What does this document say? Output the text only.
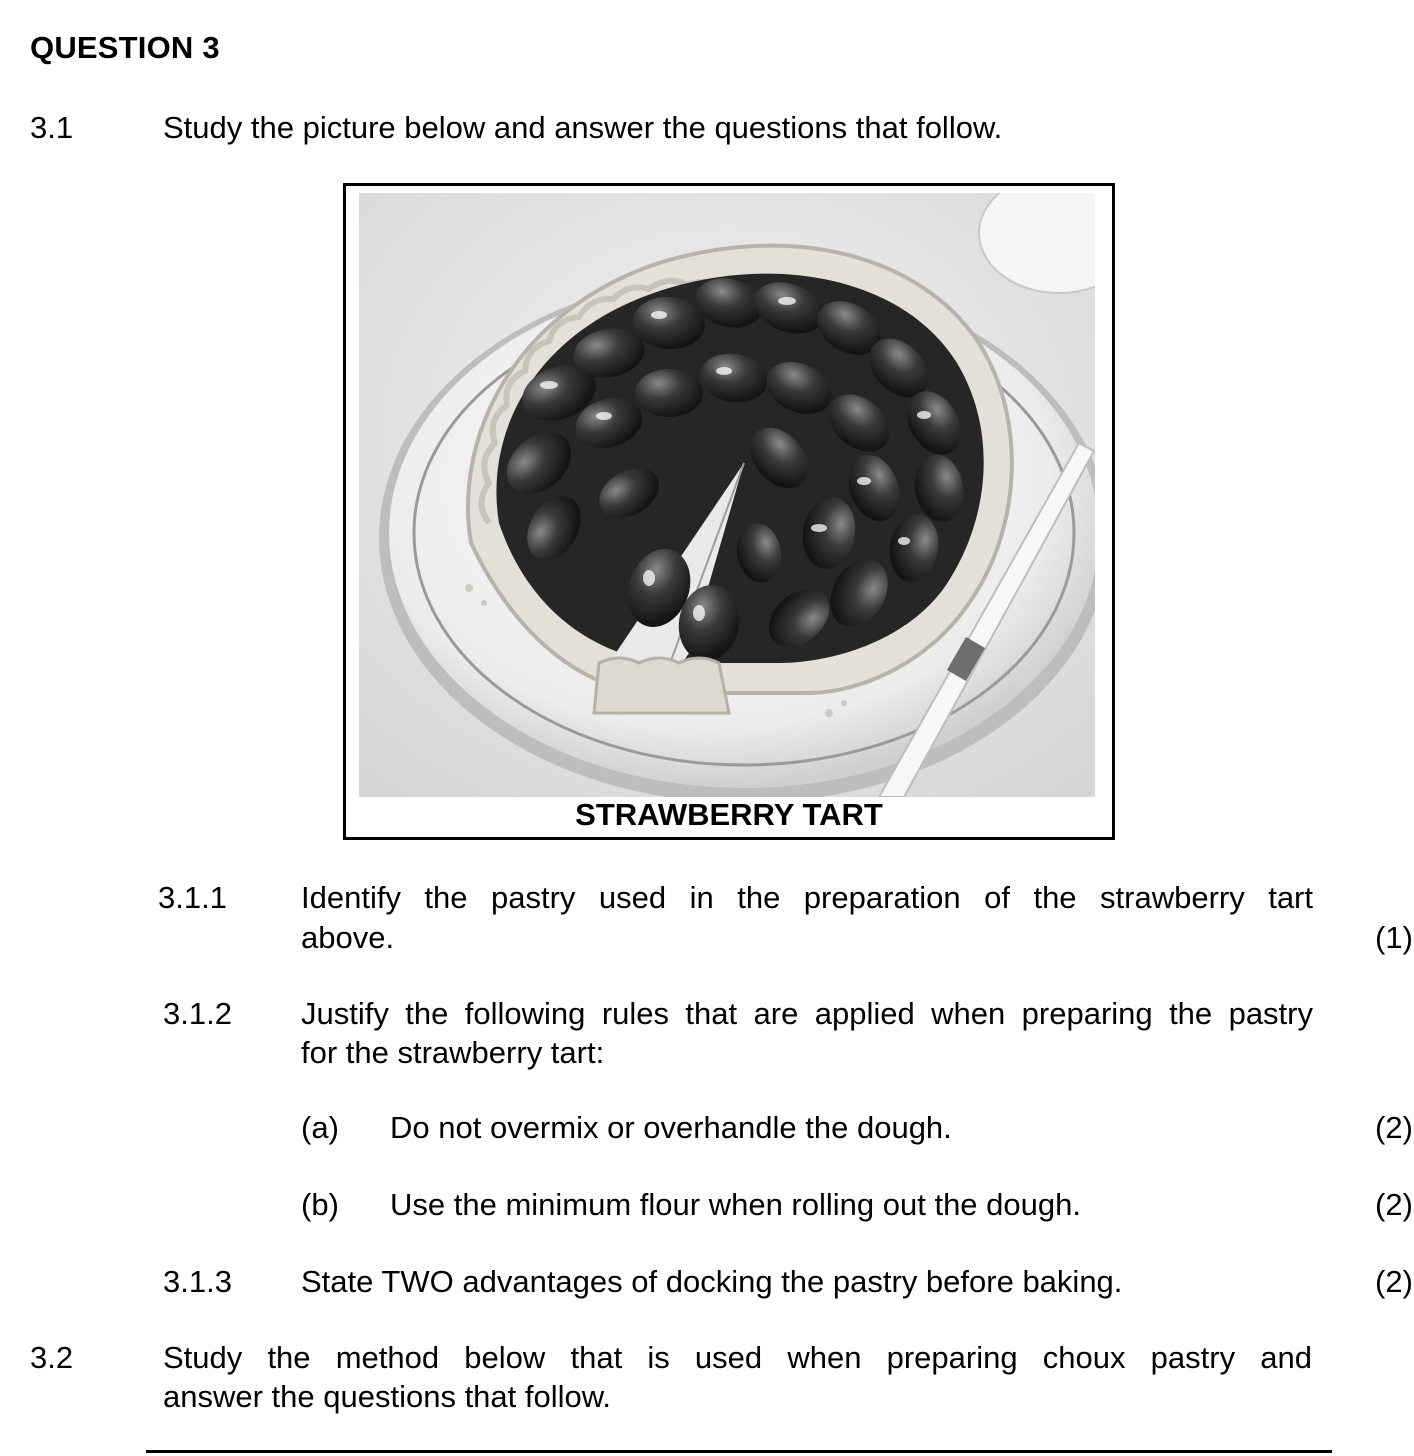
QUESTION 3
3.1	Study the picture below and answer the questions that follow.
STRAWBERRY TART
3.1.1 Identify the pastry used in the preparation of the strawberry tart
above.	(1)
3.1.2 Justify the following rules that are applied when preparing the pastry
for the strawberry tart:
(a) Do not overmix or overhandle the dough.	(2)
(b) Use the minimum flour when rolling out the dough.	(2)
3.1.3 State TWO advantages of docking the pastry before baking.	(2)
3.2	Study the method below that is used when preparing choux pastry and
answer the questions that follow.
